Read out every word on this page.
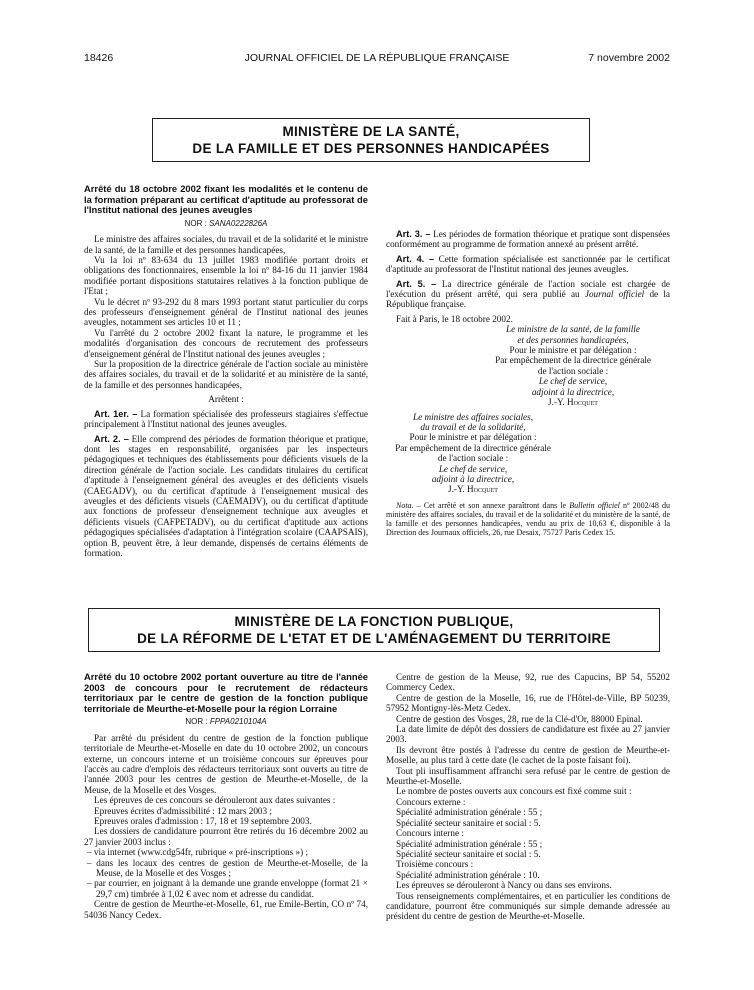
18426	JOURNAL OFFICIEL DE LA RÉPUBLIQUE FRANÇAISE	7 novembre 2002
MINISTÈRE DE LA SANTÉ,
DE LA FAMILLE ET DES PERSONNES HANDICAPÉES

Arrêté du 18 octobre 2002 fixant les modalités et le contenu de la formation préparant au certificat d'aptitude au professorat de l'Institut national des jeunes aveugles

NOR : SANA0222826A

Le ministre des affaires sociales, du travail et de la solidarité et le ministre de la santé, de la famille et des personnes handicapées,

Vu la loi nº 83-634 du 13 juillet 1983 modifiée portant droits et obligations des fonctionnaires, ensemble la loi nº 84-16 du 11 janvier 1984 modifiée portant dispositions statutaires relatives à la fonction publique de l'Etat ;

Vu le décret nº 93-292 du 8 mars 1993 portant statut particulier du corps des professeurs d'enseignement général de l'Institut national des jeunes aveugles, notamment ses articles 10 et 11 ;

Vu l'arrêté du 2 octobre 2002 fixant la nature, le programme et les modalités d'organisation des concours de recrutement des professeurs d'enseignement général de l'Institut national des jeunes aveugles ;

Sur la proposition de la directrice générale de l'action sociale au ministère des affaires sociales, du travail et de la solidarité et au ministère de la santé, de la famille et des personnes handicapées,

Arrêtent :

Art. 1er. – La formation spécialisée des professeurs stagiaires s'effectue principalement à l'Institut national des jeunes aveugles.

Art. 2. – Elle comprend des périodes de formation théorique et pratique, dont les stages en responsabilité, organisées par les inspecteurs pédagogiques et techniques des établissements pour déficients visuels de la direction générale de l'action sociale. Les candidats titulaires du certificat d'aptitude à l'enseignement général des aveugles et des déficients visuels (CAEGADV), ou du certificat d'aptitude à l'enseignement musical des aveugles et des déficients visuels (CAEMADV), ou du certificat d'aptitude aux fonctions de professeur d'enseignement technique aux aveugles et déficients visuels (CAFPETADV), ou du certificat d'aptitude aux actions pédagogiques spécialisées d'adaptation à l'intégration scolaire (CAAPSAIS), option B, peuvent être, à leur demande, dispensés de certains éléments de formation.

Art. 3. – Les périodes de formation théorique et pratique sont dispensées conformément au programme de formation annexé au présent arrêté.

Art. 4. – Cette formation spécialisée est sanctionnée par le certificat d'aptitude au professorat de l'Institut national des jeunes aveugles.

Art. 5. – La directrice générale de l'action sociale est chargée de l'exécution du présent arrêté, qui sera publié au Journal officiel de la République française.

Fait à Paris, le 18 octobre 2002.

Le ministre de la santé, de la famille

et des personnes handicapées,

Pour le ministre et par délégation :

Par empêchement de la directrice générale

de l'action sociale :

Le chef de service,

adjoint à la directrice,

J.-Y. Hocquet

Le ministre des affaires sociales,

du travail et de la solidarité,

Pour le ministre et par délégation :

Par empêchement de la directrice générale

de l'action sociale :

Le chef de service,

adjoint à la directrice,

J.-Y. Hocquet

Nota. – Cet arrêté et son annexe paraîtront dans le Bulletin officiel nº 2002/48 du ministère des affaires sociales, du travail et de la solidarité et du ministère de la santé, de la famille et des personnes handicapées, vendu au prix de 10,63 €, disponible à la Direction des Journaux officiels, 26, rue Desaix, 75727 Paris Cedex 15.

MINISTÈRE DE LA FONCTION PUBLIQUE,
DE LA RÉFORME DE L'ETAT ET DE L'AMÉNAGEMENT DU TERRITOIRE

Arrêté du 10 octobre 2002 portant ouverture au titre de l'année 2003 de concours pour le recrutement de rédacteurs territoriaux par le centre de gestion de la fonction publique territoriale de Meurthe-et-Moselle pour la région Lorraine

NOR : FPPA0210104A

Par arrêté du président du centre de gestion de la fonction publique territoriale de Meurthe-et-Moselle en date du 10 octobre 2002, un concours externe, un concours interne et un troisième concours sur épreuves pour l'accès au cadre d'emplois des rédacteurs territoriaux sont ouverts au titre de l'année 2003 pour les centres de gestion de Meurthe-et-Moselle, de la Meuse, de la Moselle et des Vosges.

Les épreuves de ces concours se dérouleront aux dates suivantes :

Epreuves écrites d'admissibilité : 12 mars 2003 ;

Epreuves orales d'admission : 17, 18 et 19 septembre 2003.

Les dossiers de candidature pourront être retirés du 16 décembre 2002 au 27 janvier 2003 inclus :

– via internet (www.cdg54fr, rubrique « pré-inscriptions ») ;
– dans les locaux des centres de gestion de Meurthe-et-Moselle, de la Meuse, de la Moselle et des Vosges ;
– par courrier, en joignant à la demande une grande enveloppe (format 21 × 29,7 cm) timbrée à 1,02 € avec nom et adresse du candidat.

Centre de gestion de Meurthe-et-Moselle, 61, rue Emile-Bertin, CO nº 74, 54036 Nancy Cedex.

Centre de gestion de la Meuse, 92, rue des Capucins, BP 54, 55202 Commercy Cedex.

Centre de gestion de la Moselle, 16, rue de l'Hôtel-de-Ville, BP 50239, 57952 Montigny-lès-Metz Cedex.

Centre de gestion des Vosges, 28, rue de la Clé-d'Or, 88000 Epinal.

La date limite de dépôt des dossiers de candidature est fixée au 27 janvier 2003.

Ils devront être postés à l'adresse du centre de gestion de Meurthe-et-Moselle, au plus tard à cette date (le cachet de la poste faisant foi).

Tout pli insuffisamment affranchi sera refusé par le centre de gestion de Meurthe-et-Moselle.

Le nombre de postes ouverts aux concours est fixé comme suit :

Concours externe :

Spécialité administration générale : 55 ;

Spécialité secteur sanitaire et social : 5.

Concours interne :

Spécialité administration générale : 55 ;

Spécialité secteur sanitaire et social : 5.

Troisième concours :

Spécialité administration générale : 10.

Les épreuves se dérouleront à Nancy ou dans ses environs.

Tous renseignements complémentaires, et en particulier les conditions de candidature, pourront être communiqués sur simple demande adressée au président du centre de gestion de Meurthe-et-Moselle.
